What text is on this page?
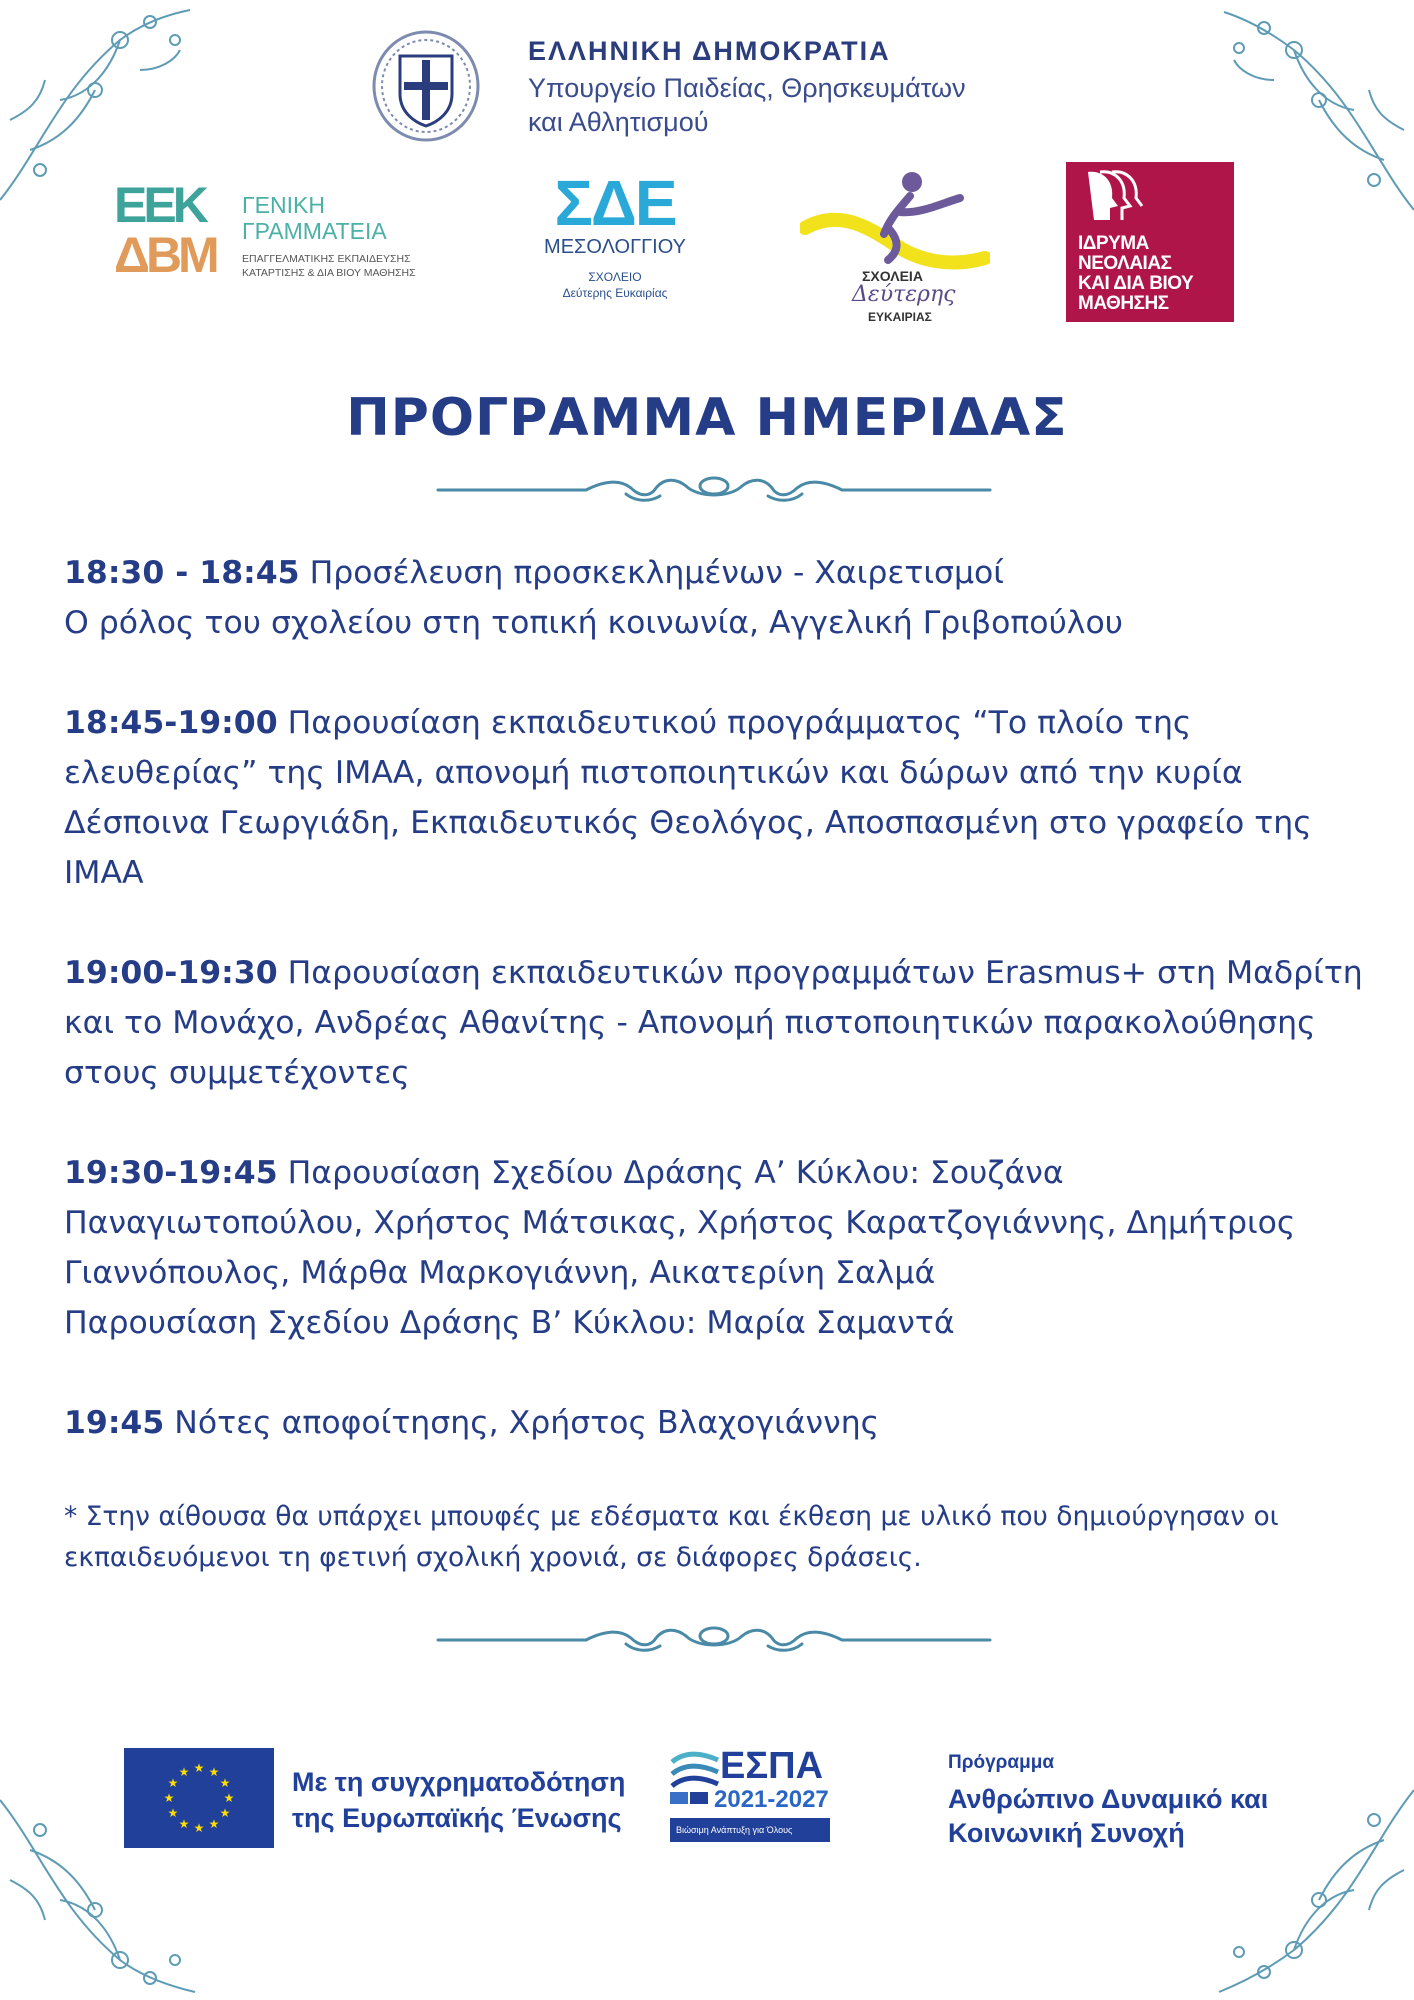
ΕΛΛΗΝΙΚΗ ΔΗΜΟΚΡΑΤΙΑ
Υπουργείο Παιδείας, Θρησκευμάτων
και Αθλητισμού
ΕΕΚ
ΔΒΜ
ΓΕΝΙΚΗ
ΓΡΑΜΜΑΤΕΙΑ
ΕΠΑΓΓΕΛΜΑΤΙΚΗΣ ΕΚΠΑΙΔΕΥΣΗΣ
ΚΑΤΑΡΤΙΣΗΣ & ΔΙΑ ΒΙΟΥ ΜΑΘΗΣΗΣ
ΣΔΕ
ΜΕΣΟΛΟΓΓΙΟΥ
ΣΧΟΛΕΙΟ
Δεύτερης Ευκαιρίας
ΣΧΟΛΕΙΑ
Δεύτερης
ΕΥΚΑΙΡΙΑΣ
ΙΔΡΥΜΑ
ΝΕΟΛΑΙΑΣ
ΚΑΙ ΔΙΑ ΒΙΟΥ
ΜΑΘΗΣΗΣ
ΠΡΟΓΡΑΜΜΑ ΗΜΕΡΙΔΑΣ

18:30 - 18:45 Προσέλευση προσκεκλημένων - Χαιρετισμοί
Ο ρόλος του σχολείου στη τοπική κοινωνία, Αγγελική Γριβοπούλου

18:45-19:00 Παρουσίαση εκπαιδευτικού προγράμματος “Το πλοίο της ελευθερίας” της ΙΜΑΑ, απονομή πιστοποιητικών και δώρων από την κυρία Δέσποινα Γεωργιάδη, Εκπαιδευτικός Θεολόγος, Αποσπασμένη στο γραφείο της ΙΜΑΑ

19:00-19:30 Παρουσίαση εκπαιδευτικών προγραμμάτων Erasmus+ στη Μαδρίτη και το Μονάχο, Ανδρέας Αθανίτης - Απονομή πιστοποιητικών παρακολούθησης στους συμμετέχοντες

19:30-19:45 Παρουσίαση Σχεδίου Δράσης Α’ Κύκλου: Σουζάνα Παναγιωτοπούλου, Χρήστος Μάτσικας, Χρήστος Καρατζογιάννης, Δημήτριος Γιαννόπουλος, Μάρθα Μαρκογιάννη, Αικατερίνη Σαλμά
Παρουσίαση Σχεδίου Δράσης Β’ Κύκλου: Μαρία Σαμαντά

19:45 Νότες αποφοίτησης, Χρήστος Βλαχογιάννης

* Στην αίθουσα θα υπάρχει μπουφές με εδέσματα και έκθεση με υλικό που δημιούργησαν οι εκπαιδευόμενοι τη φετινή σχολική χρονιά, σε διάφορες δράσεις.
★ ★
★
★
★
★
★
★
★
★
★
★	Με τη συγχρηματοδότηση
της Ευρωπαϊκής Ένωσης
ΕΣΠΑ
2021-2027
Βιώσιμη Ανάπτυξη για Όλους
Πρόγραμμα
Ανθρώπινο Δυναμικό και
Κοινωνική Συνοχή
